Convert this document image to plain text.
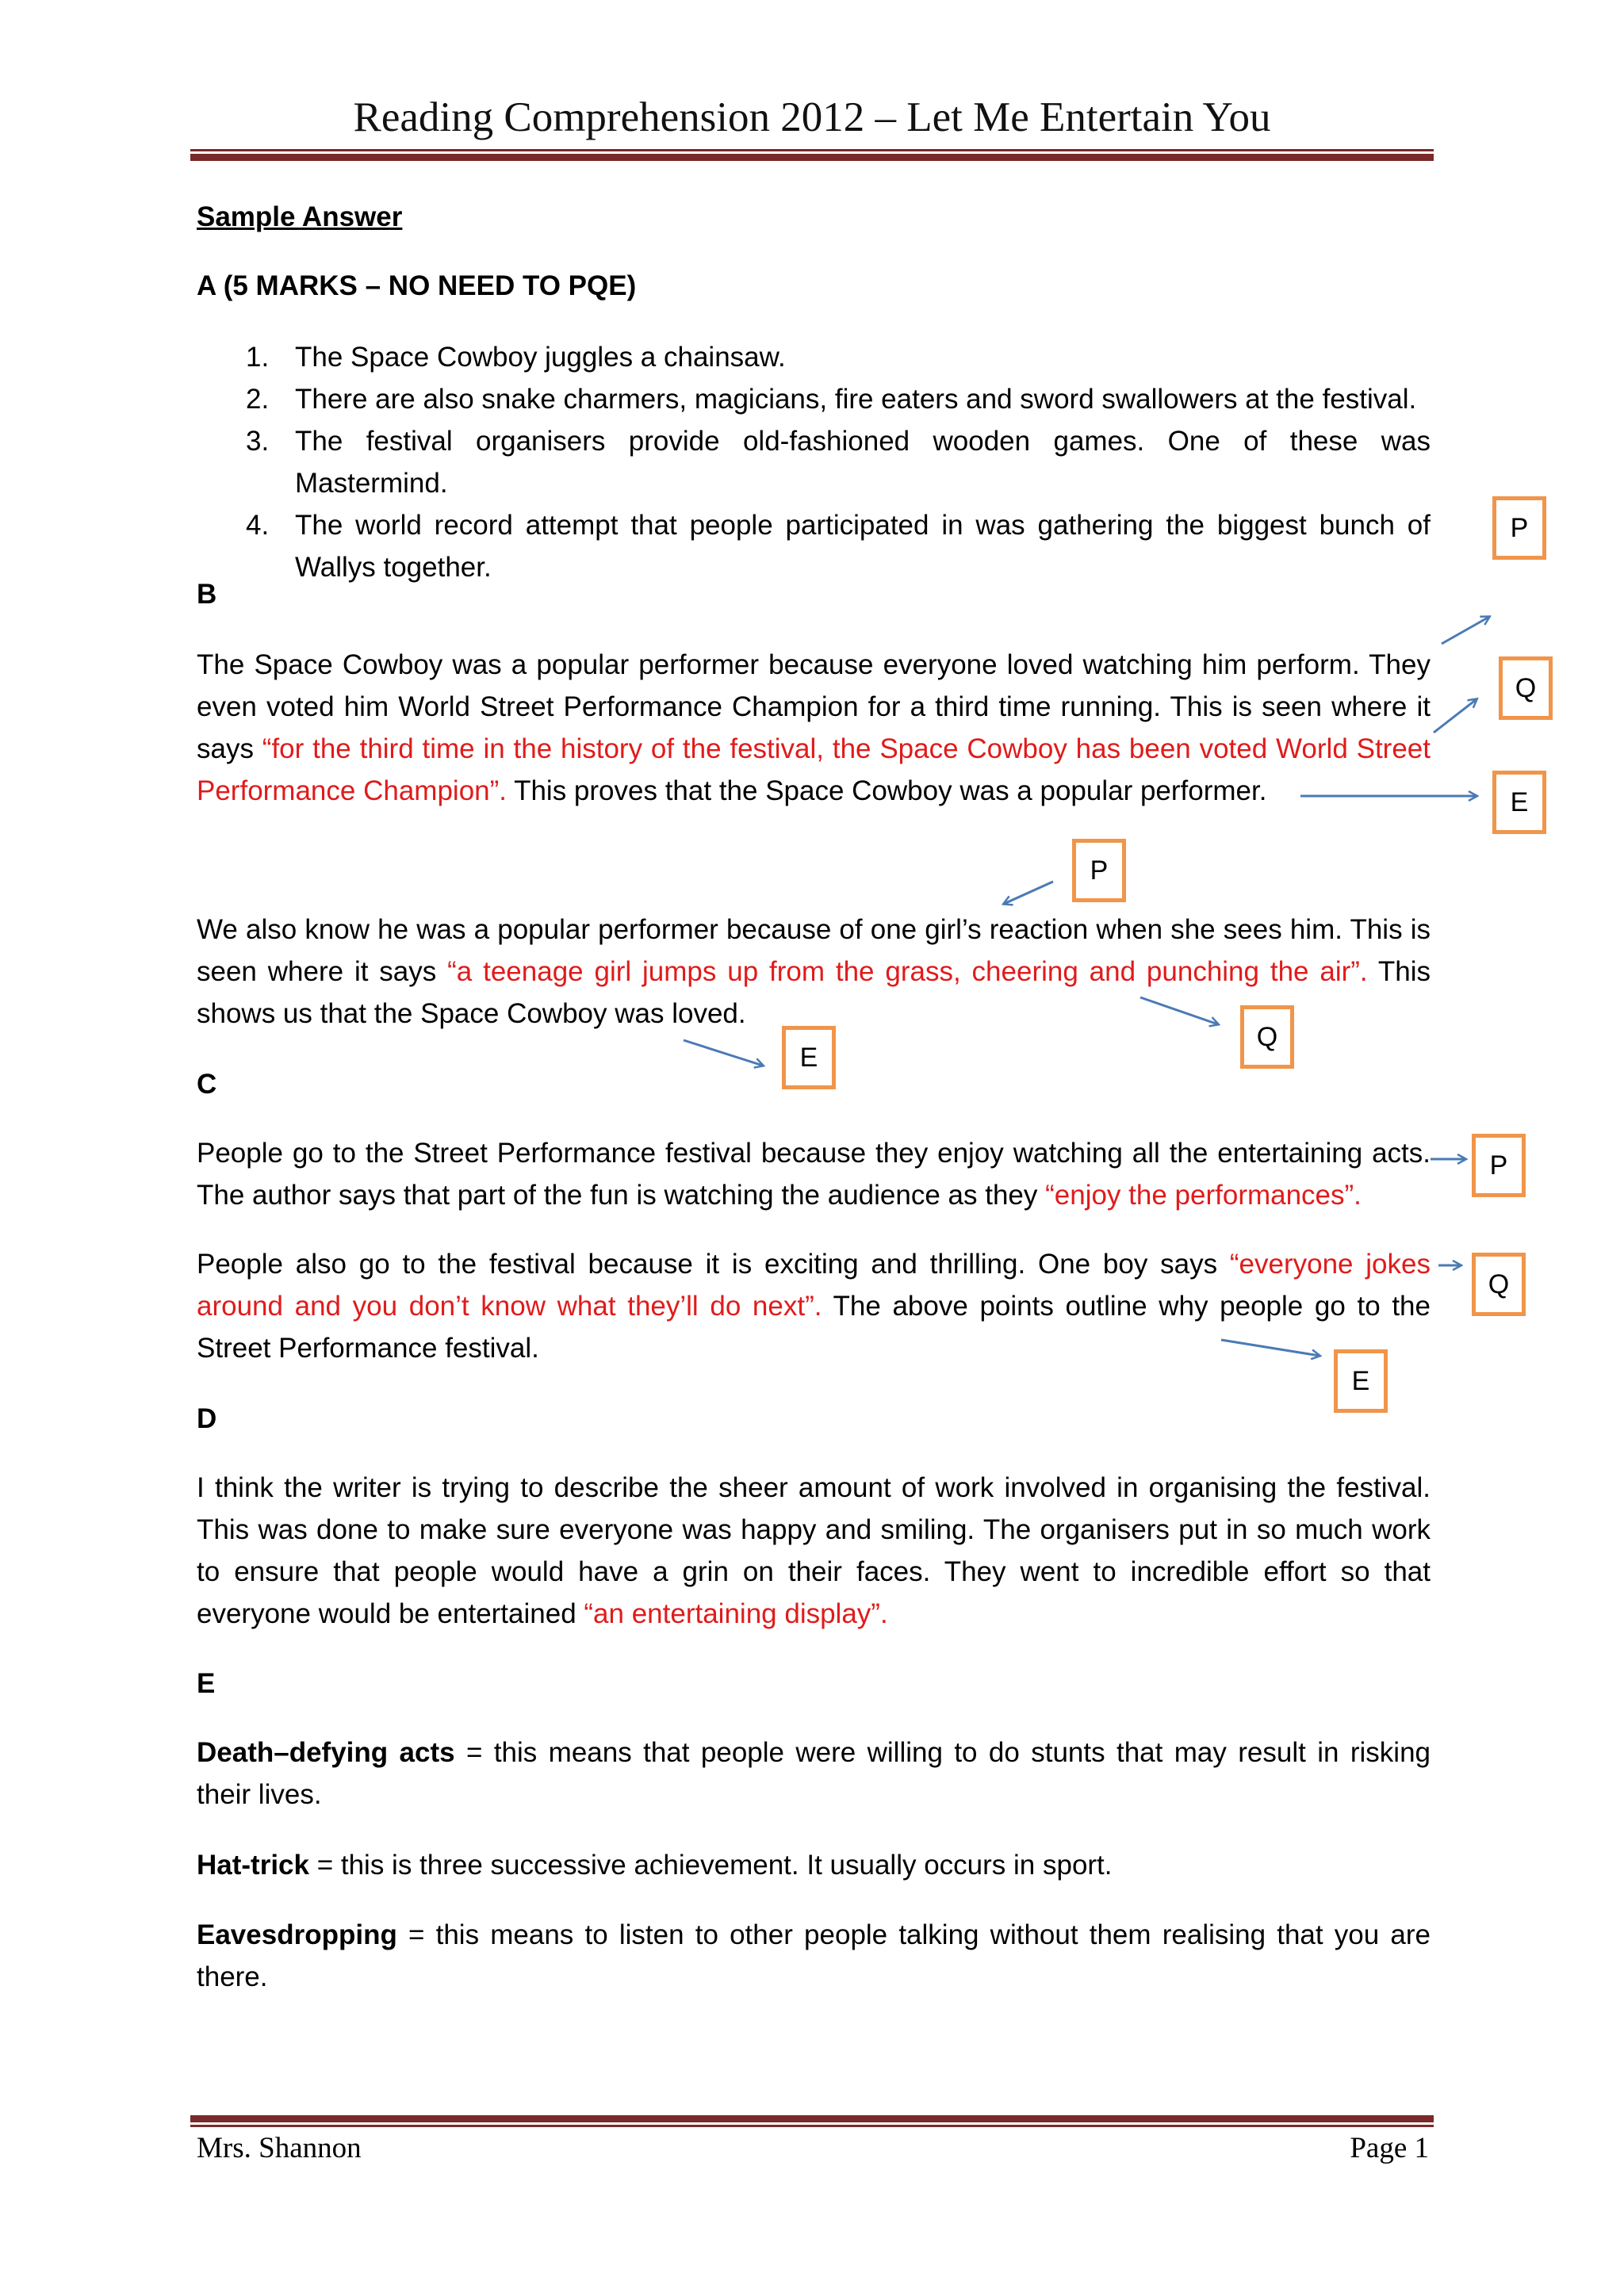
Reading Comprehension 2012 – Let Me Entertain You
Sample Answer
A (5 MARKS – NO NEED TO PQE)
1. The Space Cowboy juggles a chainsaw.
2. There are also snake charmers, magicians, fire eaters and sword swallowers at the festival.
3. The festival organisers provide old-fashioned wooden games. One of these was Mastermind.
4. The world record attempt that people participated in was gathering the biggest bunch of Wallys together.
B

The Space Cowboy was a popular performer because everyone loved watching him perform. They even voted him World Street Performance Champion for a third time running. This is seen where it says “for the third time in the history of the festival, the Space Cowboy has been voted World Street Performance Champion”. This proves that the Space Cowboy was a popular performer.

We also know he was a popular performer because of one girl’s reaction when she sees him. This is seen where it says “a teenage girl jumps up from the grass, cheering and punching the air”. This shows us that the Space Cowboy was loved.

C

People go to the Street Performance festival because they enjoy watching all the entertaining acts. The author says that part of the fun is watching the audience as they “enjoy the performances”.

People also go to the festival because it is exciting and thrilling. One boy says “everyone jokes around and you don’t know what they’ll do next”. The above points outline why people go to the Street Performance festival.

D

I think the writer is trying to describe the sheer amount of work involved in organising the festival. This was done to make sure everyone was happy and smiling. The organisers put in so much work to ensure that people would have a grin on their faces. They went to incredible effort so that everyone would be entertained “an entertaining display”.

E

Death–defying acts = this means that people were willing to do stunts that may result in risking their lives.

Hat-trick = this is three successive achievement. It usually occurs in sport.

Eavesdropping = this means to listen to other people talking without them realising that you are there.

P
Q
E
P
Q
E
P
Q
E
Mrs. Shannon	Page 1
